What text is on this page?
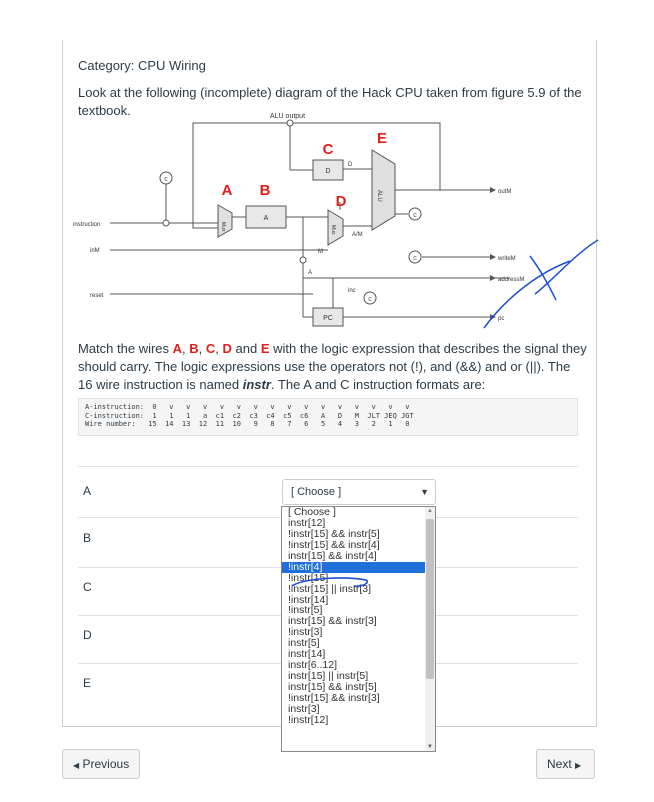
Category: CPU Wiring
Look at the following (incomplete) diagram of the Hack CPU taken from figure 5.9 of the textbook.
c
c
c
c
Mux
A
D
Mux
ALU
PC
ALU output
instruction
inM
reset
outM
writeM
addressM
pc
A/M
M
A
D
inc
A B
C
D
E
Match the wires A, B, C, D and E with the logic expression that describes the signal they should carry. The logic expressions use the operators not (!), and (&&) and or (||). The 16 wire instruction is named instr. The A and C instruction formats are:
A-instruction:  0   v   v   v   v   v   v   v   v   v   v   v   v   v   v   v
C-instruction:  1   1   1   a  c1  c2  c3  c4  c5  c6   A   D   M  JLT JEQ JGT
Wire number:   15  14  13  12  11  10   9   8   7   6   5   4   3   2   1   0
A
B
C
D
E
[ Choose ]	▼
[ Choose ]
instr[12]
!instr[15] && instr[5]
!instr[15] && instr[4]
instr[15] && instr[4]
!instr[4]
!instr[15]
!instr[15] || instr[3]
!instr[14]
!instr[5]
instr[15] && instr[3]
!instr[3]
instr[5]
instr[14]
instr[6..12]
instr[15] || instr[5]
instr[15] && instr[5]
!instr[15] && instr[3]
instr[3]
!instr[12]
▲
▼
◀ Previous	Next ▶
